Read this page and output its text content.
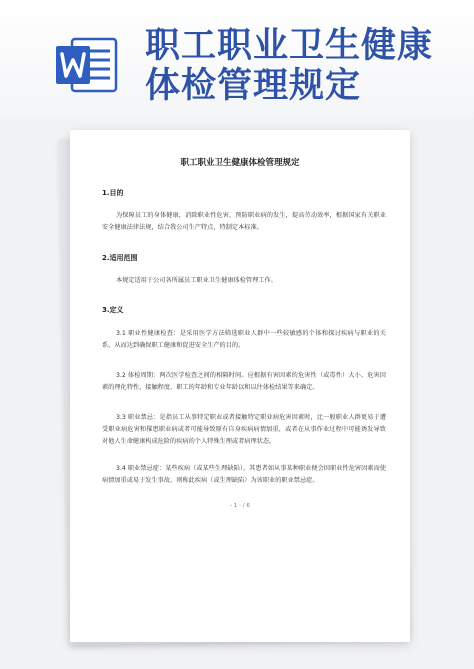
职工职业卫生健康
体检管理规定
职工职业卫生健康体检管理规定
1.目的
为保障员工的身体健康，消除职业性危害，预防职业病的发生，提高劳动效率，根据国家有关职业安全健康法律法规，结合我公司生产特点，特制定本标准。
2.适用范围
本规定适用于公司各所属员工职业卫生健康体检管理工作。
3.定义
3.1 职业性健康检查：是采用医学方法筛选职业人群中一些较敏感的个体和探讨疾病与职业的关系，从而达到确保职工健康和促进安全生产的目的。
3.2 体检周期：两次医学检查之间的相隔时间。应根据有害因素的危害性（或毒性）大小、危害因素的理化特性、接触程度、职工的年龄和专业年龄以和以往体检结果等来确定。
3.3 职业禁忌：是指员工从事特定职业或者接触特定职业病危害因素时，比一般职业人群更易于遭受职业病危害和罹患职业病或者可能导致原有自身疾病病情加重，或者在从事作业过程中可能诱发导致对他人生命健康构成危险的疾病的个人特殊生理或者病理状态。
3.4 职业禁忌症：某些疾病（或某些生理缺陷），其患者如从事某种职业便会因职业性危害因素而使病情加重或易于发生事故，则称此疾病（或生理缺陷）为该职业的职业禁忌症。
- 1 - / 6
